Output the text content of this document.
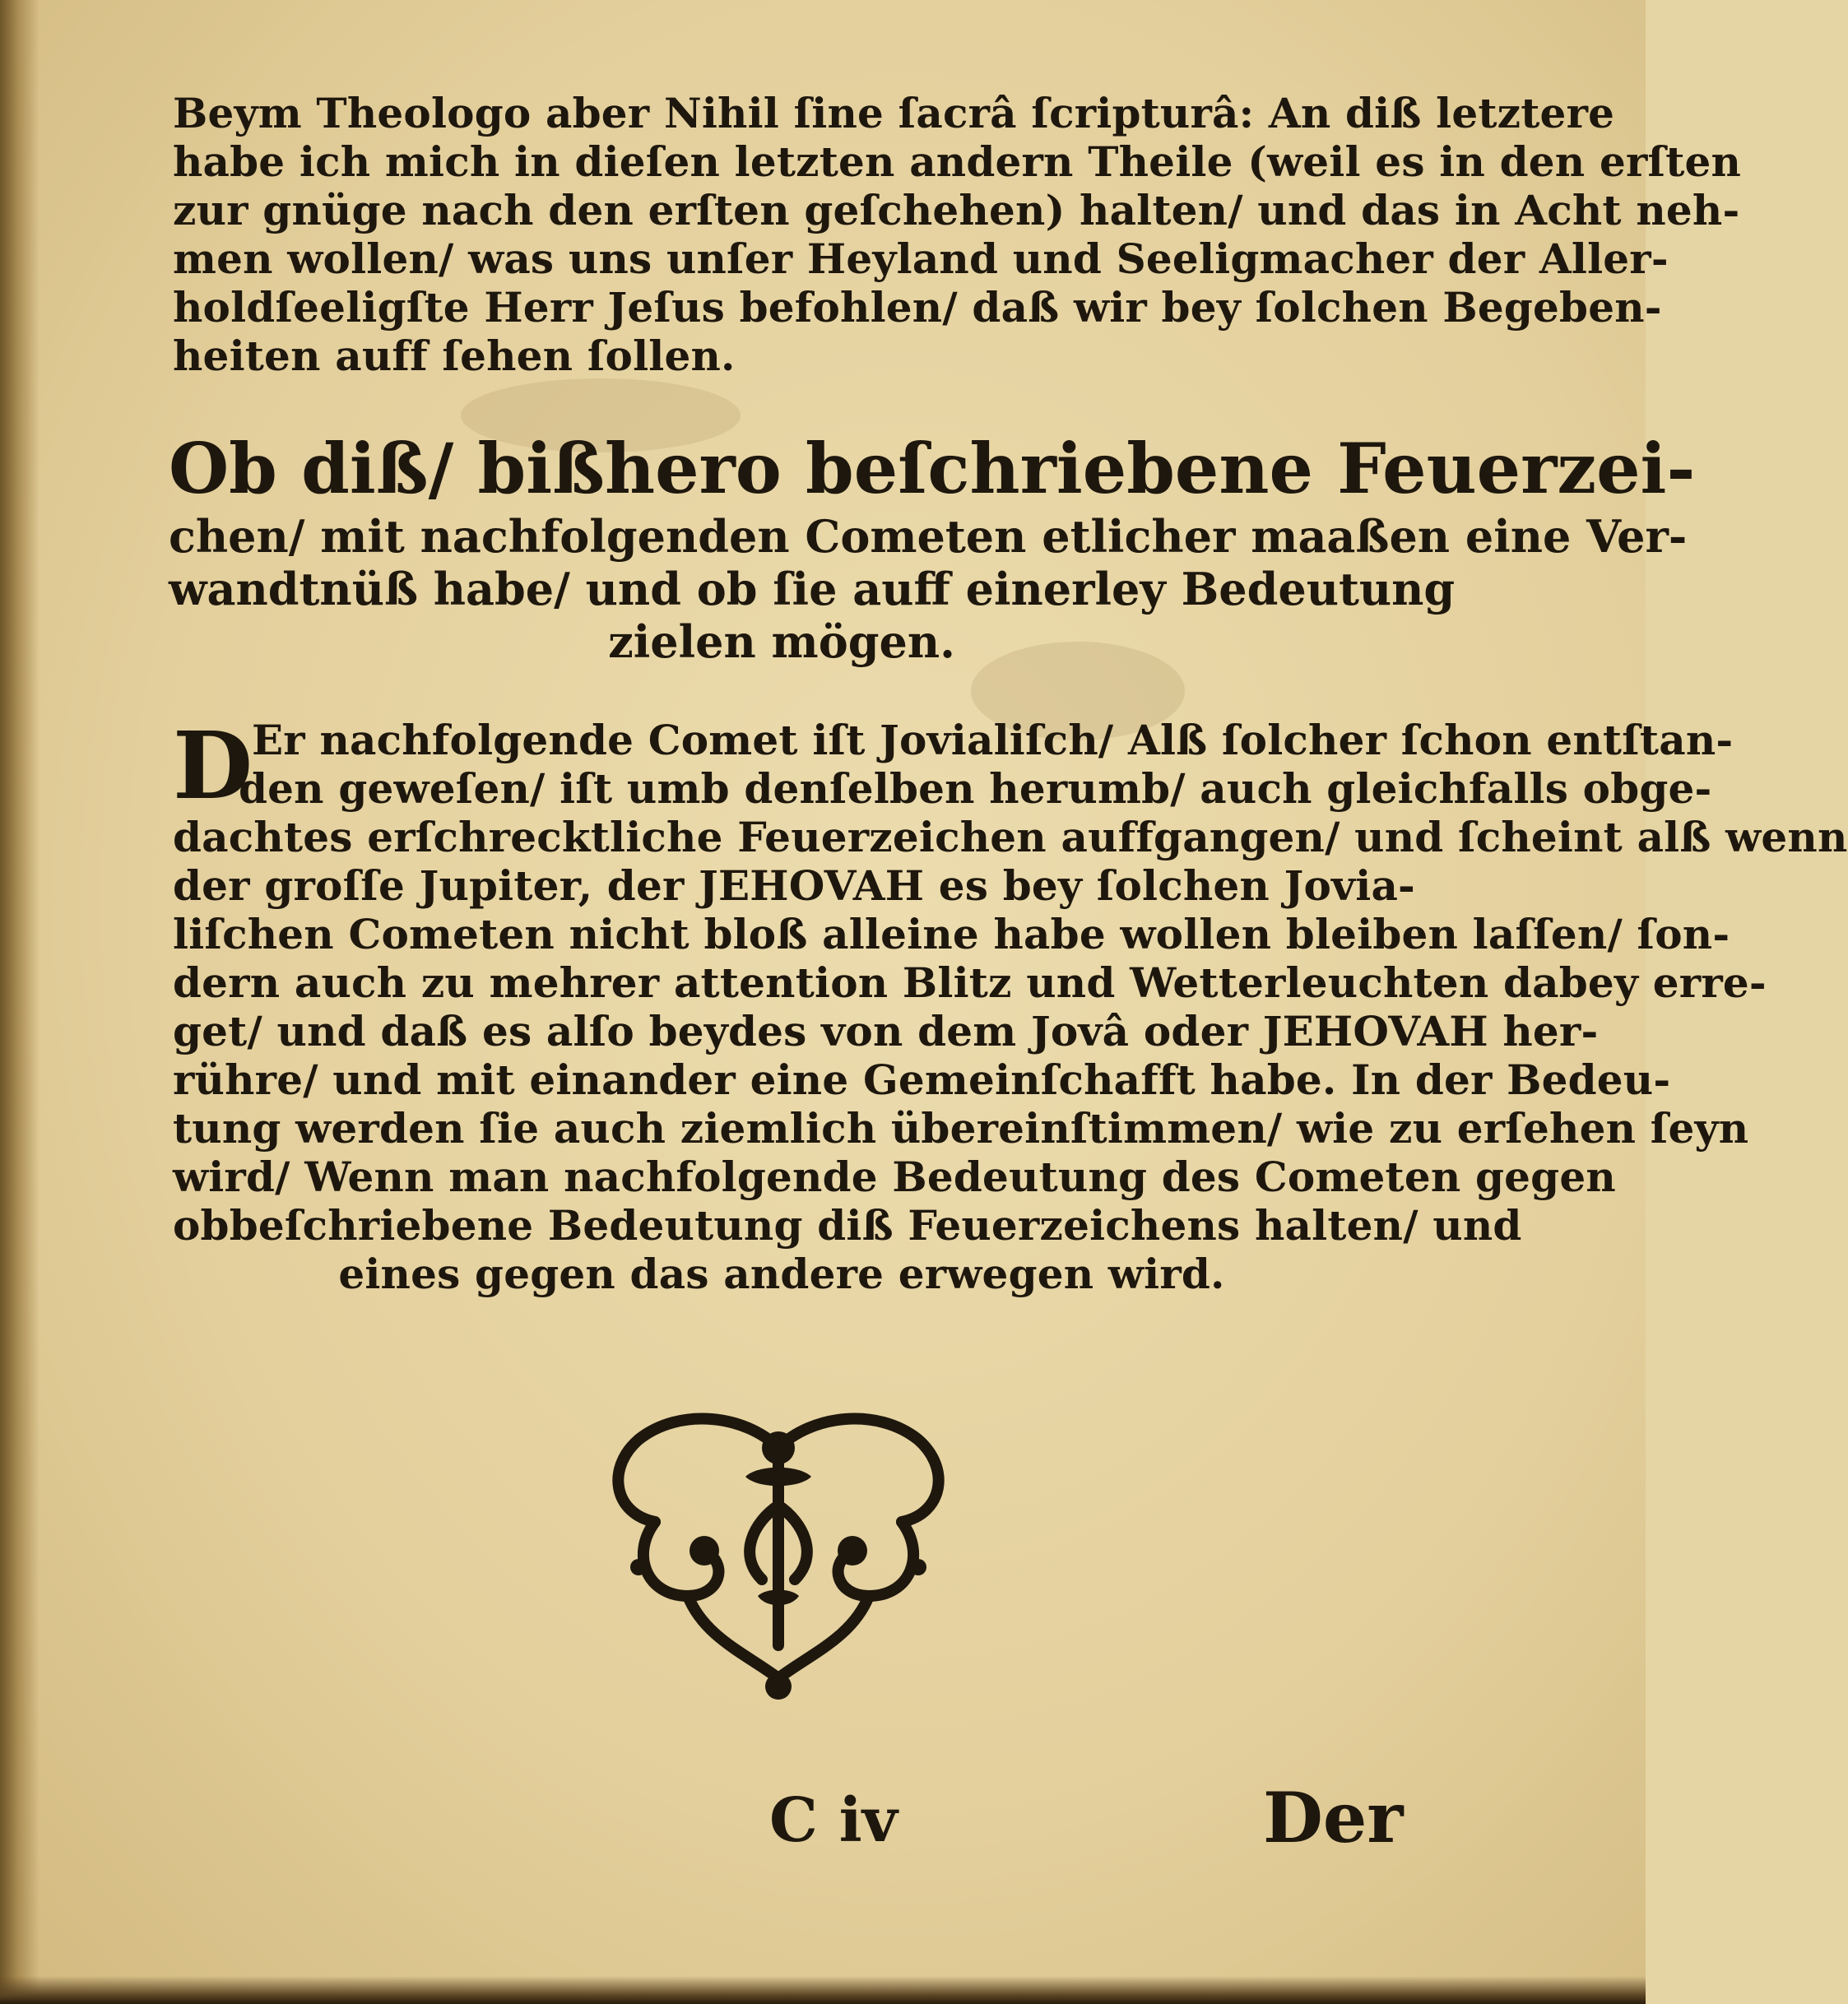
Beym Theologo aber Nihil ſine ſacrâ ſcripturâ: An diß letztere
habe ich mich in dieſen letzten andern Theile (weil es in den erſten
zur gnüge nach den erſten geſchehen) halten/ und das in Acht neh-
men wollen/ was uns unſer Heyland und Seeligmacher der Aller-
holdſeeligſte Herr Jeſus befohlen/ daß wir bey ſolchen Begeben-
heiten auff ſehen ſollen.
Ob diß/ bißhero beſchriebene Feuerzei-
chen/ mit nachfolgenden Cometen etlicher maaßen eine Ver-
wandtnüß habe/ und ob ſie auff einerley Bedeutung
zielen mögen.
D
Er nachfolgende Comet iſt Jovialiſch/ Alß ſolcher ſchon entſtan-
den geweſen/ iſt umb denſelben herumb/ auch gleichfalls obge-
dachtes erſchrecktliche Feuerzeichen auffgangen/ und ſcheint alß wenn
der groſſe Jupiter, der JEHOVAH es bey ſolchen Jovia-
liſchen Cometen nicht bloß alleine habe wollen bleiben laſſen/ ſon-
dern auch zu mehrer attention Blitz und Wetterleuchten dabey erre-
get/ und daß es alſo beydes von dem Jovâ oder JEHOVAH her-
rühre/ und mit einander eine Gemeinſchafft habe. In der Bedeu-
tung werden ſie auch ziemlich übereinſtimmen/ wie zu erſehen ſeyn
wird/ Wenn man nachfolgende Bedeutung des Cometen gegen
obbeſchriebene Bedeutung diß Feuerzeichens halten/ und
eines gegen das andere erwegen wird.
C iv	Der
